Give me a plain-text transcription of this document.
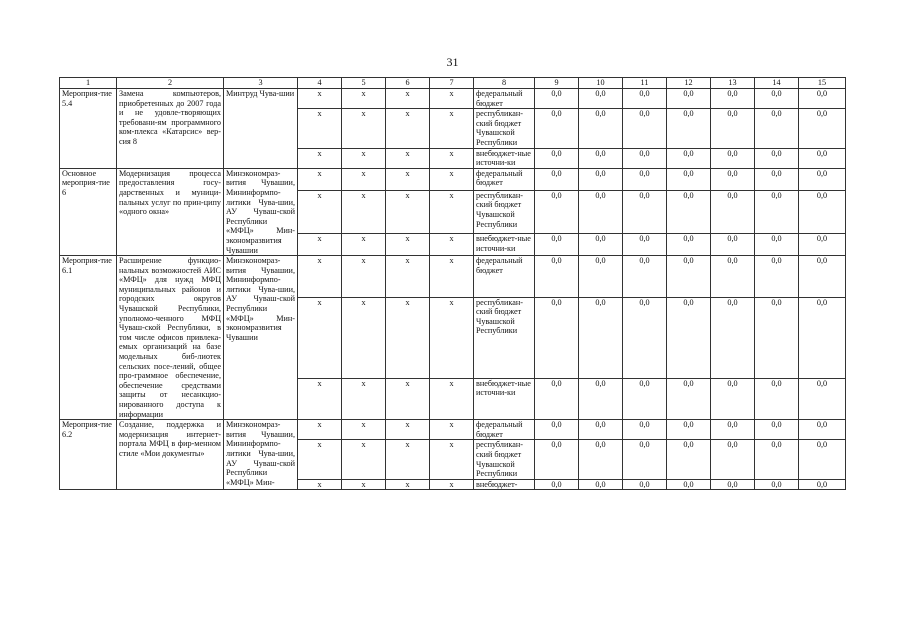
31
1	2	3	4	5	6	7	8	9	10	11	12	13	14	15
Мероприя-тие 5.4	Замена компьютеров, приобретенных до 2007 года и не удовле-творяющих требовани-ям программного ком-плекса «Катарсис» вер-сия 8	Минтруд Чува-шии	x	x	x	x	федеральный бюджет	0,0	0,0	0,0	0,0	0,0	0,0	0,0
			x	x	x	x	республикан-ский бюджет Чувашской Республики	0,0	0,0	0,0	0,0	0,0	0,0	0,0
			x	x	x	x	внебюджет-ные источни-ки	0,0	0,0	0,0	0,0	0,0	0,0	0,0
Основное мероприя-тие 6	Модернизация процесса предоставления госу-дарственных и муници-пальных услуг по прин-ципу «одного окна»	Минэкономраз-вития Чувашии, Мининформпо-литики Чува-шии, АУ Чуваш-ской Республики «МФЦ» Мин-экономразвития Чувашии	x	x	x	x	федеральный бюджет	0,0	0,0	0,0	0,0	0,0	0,0	0,0
			x	x	x	x	республикан-ский бюджет Чувашской Республики	0,0	0,0	0,0	0,0	0,0	0,0	0,0
			x	x	x	x	внебюджет-ные источни-ки	0,0	0,0	0,0	0,0	0,0	0,0	0,0
Мероприя-тие 6.1	Расширение функцио-нальных возможностей АИС «МФЦ» для нужд МФЦ муниципальных районов и городских округов Чувашской Республики, уполномо-ченного МФЦ Чуваш-ской Республики, в том числе офисов привлека-емых организаций на базе модельных биб-лиотек сельских посе-лений, общее про-граммное обеспечение, обеспечение средствами защиты от несанкцио-нированного доступа к информации	Минэкономраз-вития Чувашии, Мининформпо-литики Чува-шии, АУ Чуваш-ской Республики «МФЦ» Мин-экономразвития Чувашии	x	x	x	x	федеральный бюджет	0,0	0,0	0,0	0,0	0,0	0,0	0,0
			x	x	x	x	республикан-ский бюджет Чувашской Республики	0,0	0,0	0,0	0,0	0,0	0,0	0,0
			x	x	x	x	внебюджет-ные источни-ки	0,0	0,0	0,0	0,0	0,0	0,0	0,0
Мероприя-тие 6.2	Создание, поддержка и модернизация интернет-портала МФЦ в фир-менном стиле «Мои документы»	Минэкономраз-вития Чувашии, Мининформпо-литики Чува-шии, АУ Чуваш-ской Республики «МФЦ» Мин-	x	x	x	x	федеральный бюджет	0,0	0,0	0,0	0,0	0,0	0,0	0,0
			x	x	x	x	республикан-ский бюджет Чувашской Республики	0,0	0,0	0,0	0,0	0,0	0,0	0,0
			x	x	x	x	внебюджет-	0,0	0,0	0,0	0,0	0,0	0,0	0,0
